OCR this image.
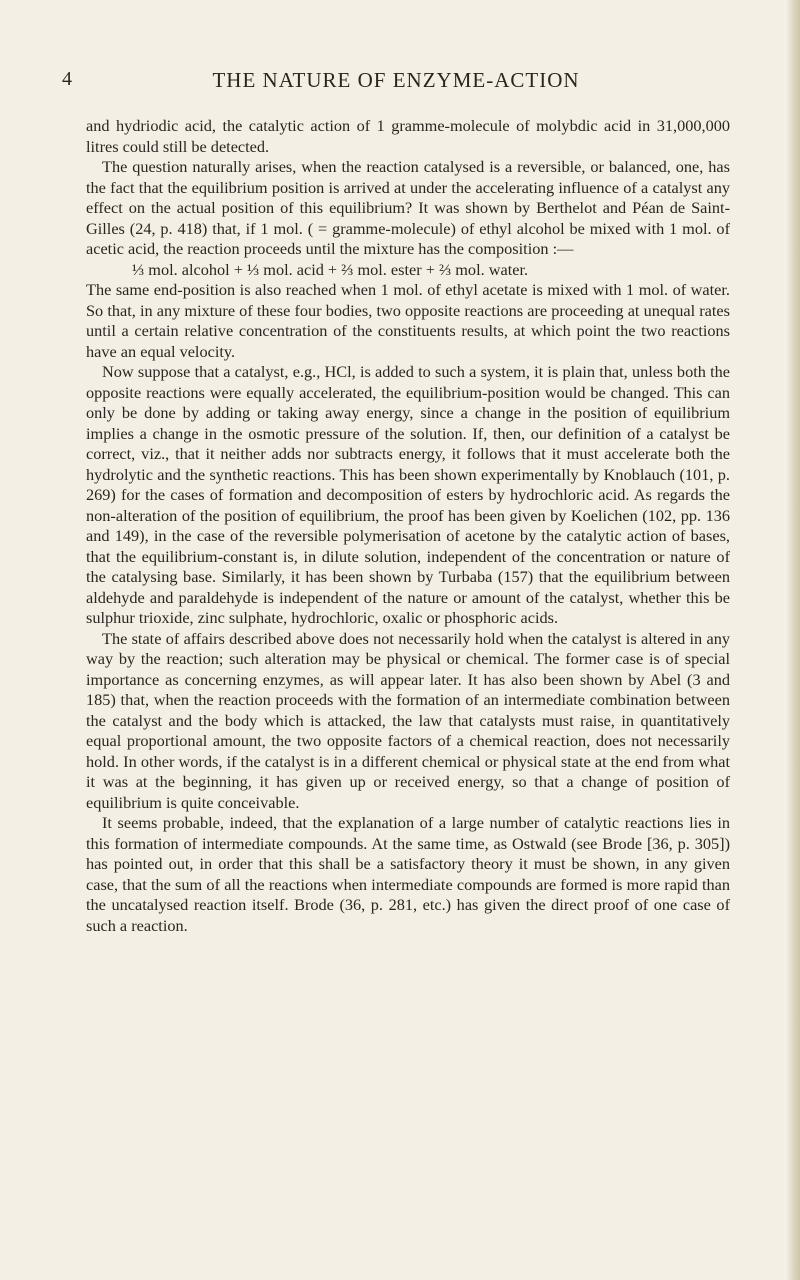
4	THE NATURE OF ENZYME-ACTION

and hydriodic acid, the catalytic action of 1 gramme-molecule of molybdic acid in 31,000,000 litres could still be detected.

The question naturally arises, when the reaction catalysed is a reversible, or balanced, one, has the fact that the equilibrium position is arrived at under the accelerating influence of a catalyst any effect on the actual position of this equilibrium? It was shown by Berthelot and Péan de Saint-Gilles (24, p. 418) that, if 1 mol. ( = gramme-molecule) of ethyl alcohol be mixed with 1 mol. of acetic acid, the reaction proceeds until the mixture has the composition :—

⅓ mol. alcohol + ⅓ mol. acid + ⅔ mol. ester + ⅔ mol. water.

The same end-position is also reached when 1 mol. of ethyl acetate is mixed with 1 mol. of water. So that, in any mixture of these four bodies, two opposite reactions are proceeding at unequal rates until a certain relative concentration of the constituents results, at which point the two reactions have an equal velocity.

Now suppose that a catalyst, e.g., HCl, is added to such a system, it is plain that, unless both the opposite reactions were equally accelerated, the equilibrium-position would be changed. This can only be done by adding or taking away energy, since a change in the position of equilibrium implies a change in the osmotic pressure of the solution. If, then, our definition of a catalyst be correct, viz., that it neither adds nor subtracts energy, it follows that it must accelerate both the hydrolytic and the synthetic reactions. This has been shown experimentally by Knoblauch (101, p. 269) for the cases of formation and decomposition of esters by hydrochloric acid. As regards the non-alteration of the position of equilibrium, the proof has been given by Koelichen (102, pp. 136 and 149), in the case of the reversible polymerisation of acetone by the catalytic action of bases, that the equilibrium-constant is, in dilute solution, independent of the concentration or nature of the catalysing base. Similarly, it has been shown by Turbaba (157) that the equilibrium between aldehyde and paraldehyde is independent of the nature or amount of the catalyst, whether this be sulphur trioxide, zinc sulphate, hydrochloric, oxalic or phosphoric acids.

The state of affairs described above does not necessarily hold when the catalyst is altered in any way by the reaction; such alteration may be physical or chemical. The former case is of special importance as concerning enzymes, as will appear later. It has also been shown by Abel (3 and 185) that, when the reaction proceeds with the formation of an intermediate combination between the catalyst and the body which is attacked, the law that catalysts must raise, in quantitatively equal proportional amount, the two opposite factors of a chemical reaction, does not necessarily hold. In other words, if the catalyst is in a different chemical or physical state at the end from what it was at the beginning, it has given up or received energy, so that a change of position of equilibrium is quite conceivable.

It seems probable, indeed, that the explanation of a large number of catalytic reactions lies in this formation of intermediate compounds. At the same time, as Ostwald (see Brode [36, p. 305]) has pointed out, in order that this shall be a satisfactory theory it must be shown, in any given case, that the sum of all the reactions when intermediate compounds are formed is more rapid than the uncatalysed reaction itself. Brode (36, p. 281, etc.) has given the direct proof of one case of such a reaction.
